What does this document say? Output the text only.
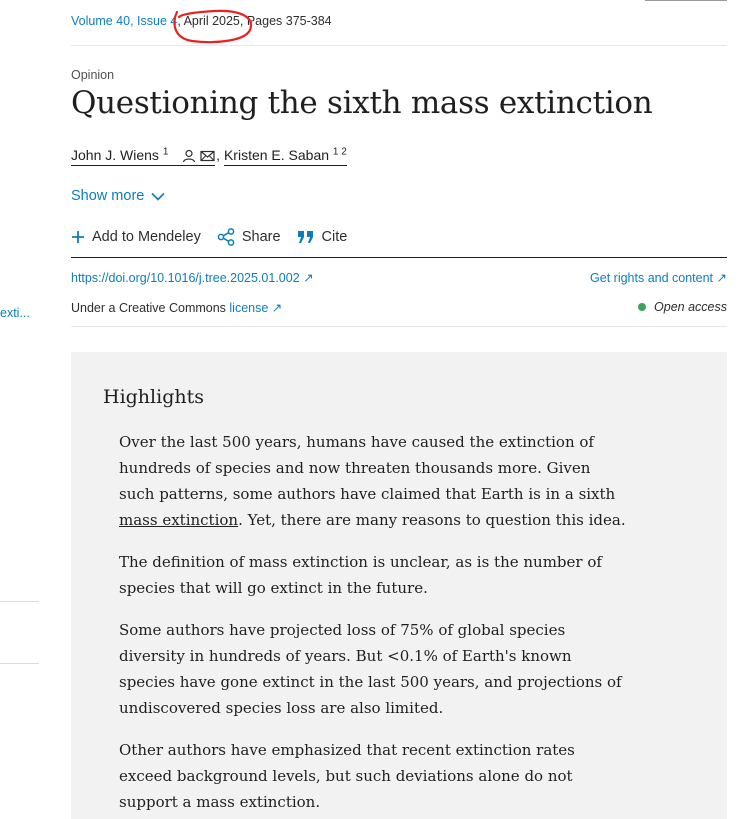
Volume 40, Issue 4, April 2025, Pages 375-384
Opinion
Questioning the sixth mass extinction
John J. Wiens $^1$	, Kristen E. Saban $^{1 2}$
Show more
Add to Mendeley	Share	Cite
https://doi.org/10.1016/j.tree.2025.01.002 ↗	Get rights and content ↗
Under a Creative Commons license ↗	Open access
exti...
Highlights
Over the last 500 years, humans have caused the extinction of hundreds of species and now threaten thousands more. Given such patterns, some authors have claimed that Earth is in a sixth mass extinction. Yet, there are many reasons to question this idea.
The definition of mass extinction is unclear, as is the number of species that will go extinct in the future.
Some authors have projected loss of 75% of global species diversity in hundreds of years. But <0.1% of Earth's known species have gone extinct in the last 500 years, and projections of undiscovered species loss are also limited.
Other authors have emphasized that recent extinction rates exceed background levels, but such deviations alone do not support a mass extinction.
